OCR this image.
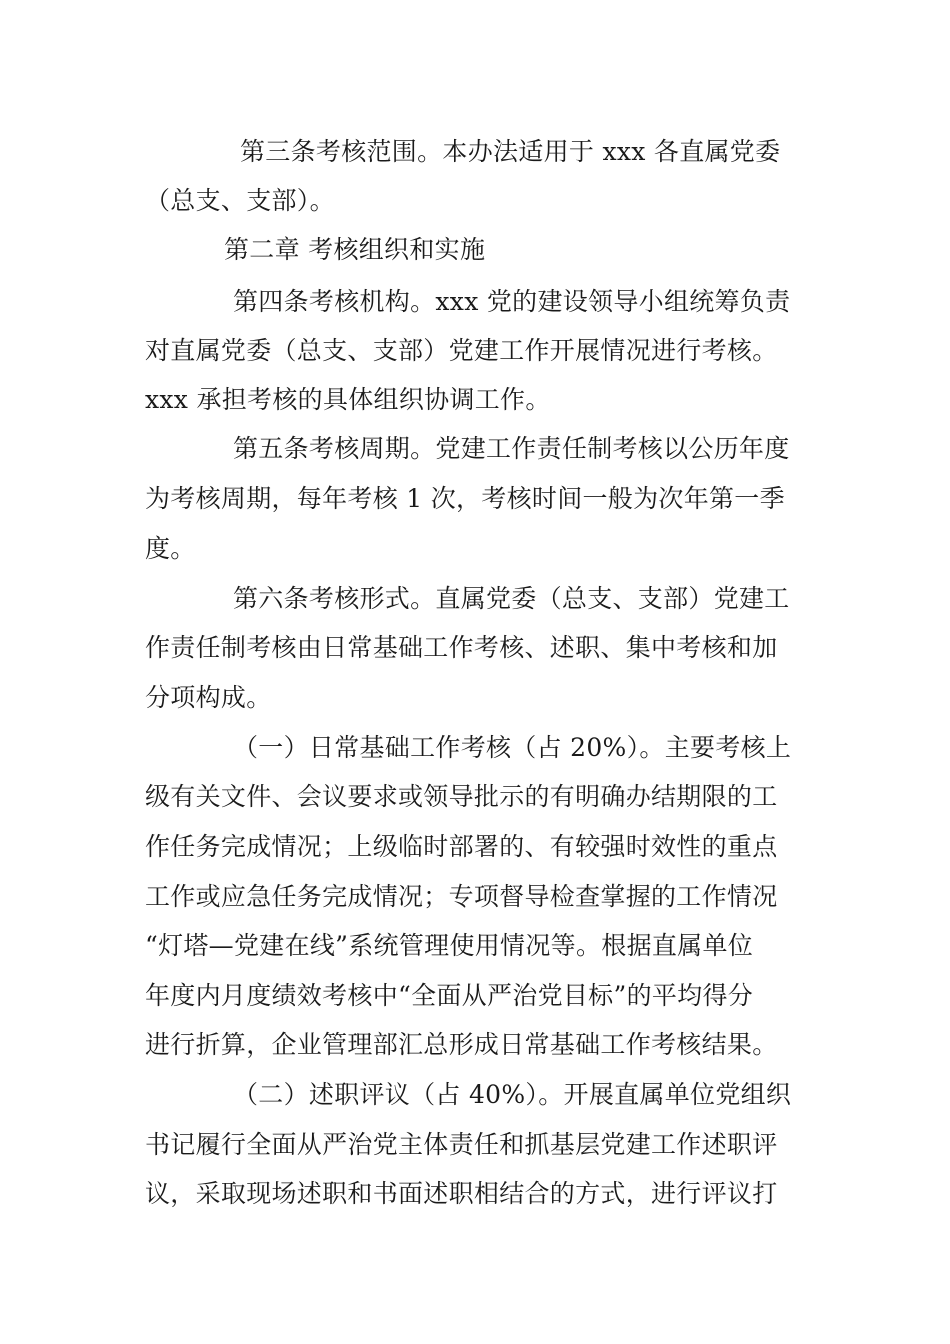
第三条考核范围。本办法适用于 xxx 各直属党委
（总支、支部）。
第二章 考核组织和实施
第四条考核机构。xxx 党的建设领导小组统筹负责
对直属党委（总支、支部）党建工作开展情况进行考核。
xxx 承担考核的具体组织协调工作。
第五条考核周期。党建工作责任制考核以公历年度
为考核周期，每年考核 1 次，考核时间一般为次年第一季
度。
第六条考核形式。直属党委（总支、支部）党建工
作责任制考核由日常基础工作考核、述职、集中考核和加
分项构成。
（一）日常基础工作考核（占 20%）。主要考核上
级有关文件、会议要求或领导批示的有明确办结期限的工
作任务完成情况；上级临时部署的、有较强时效性的重点
工作或应急任务完成情况；专项督导检查掌握的工作情况
“灯塔—党建在线”系统管理使用情况等。根据直属单位
年度内月度绩效考核中“全面从严治党目标”的平均得分
进行折算，企业管理部汇总形成日常基础工作考核结果。
（二）述职评议（占 40%）。开展直属单位党组织
书记履行全面从严治党主体责任和抓基层党建工作述职评
议，采取现场述职和书面述职相结合的方式，进行评议打
